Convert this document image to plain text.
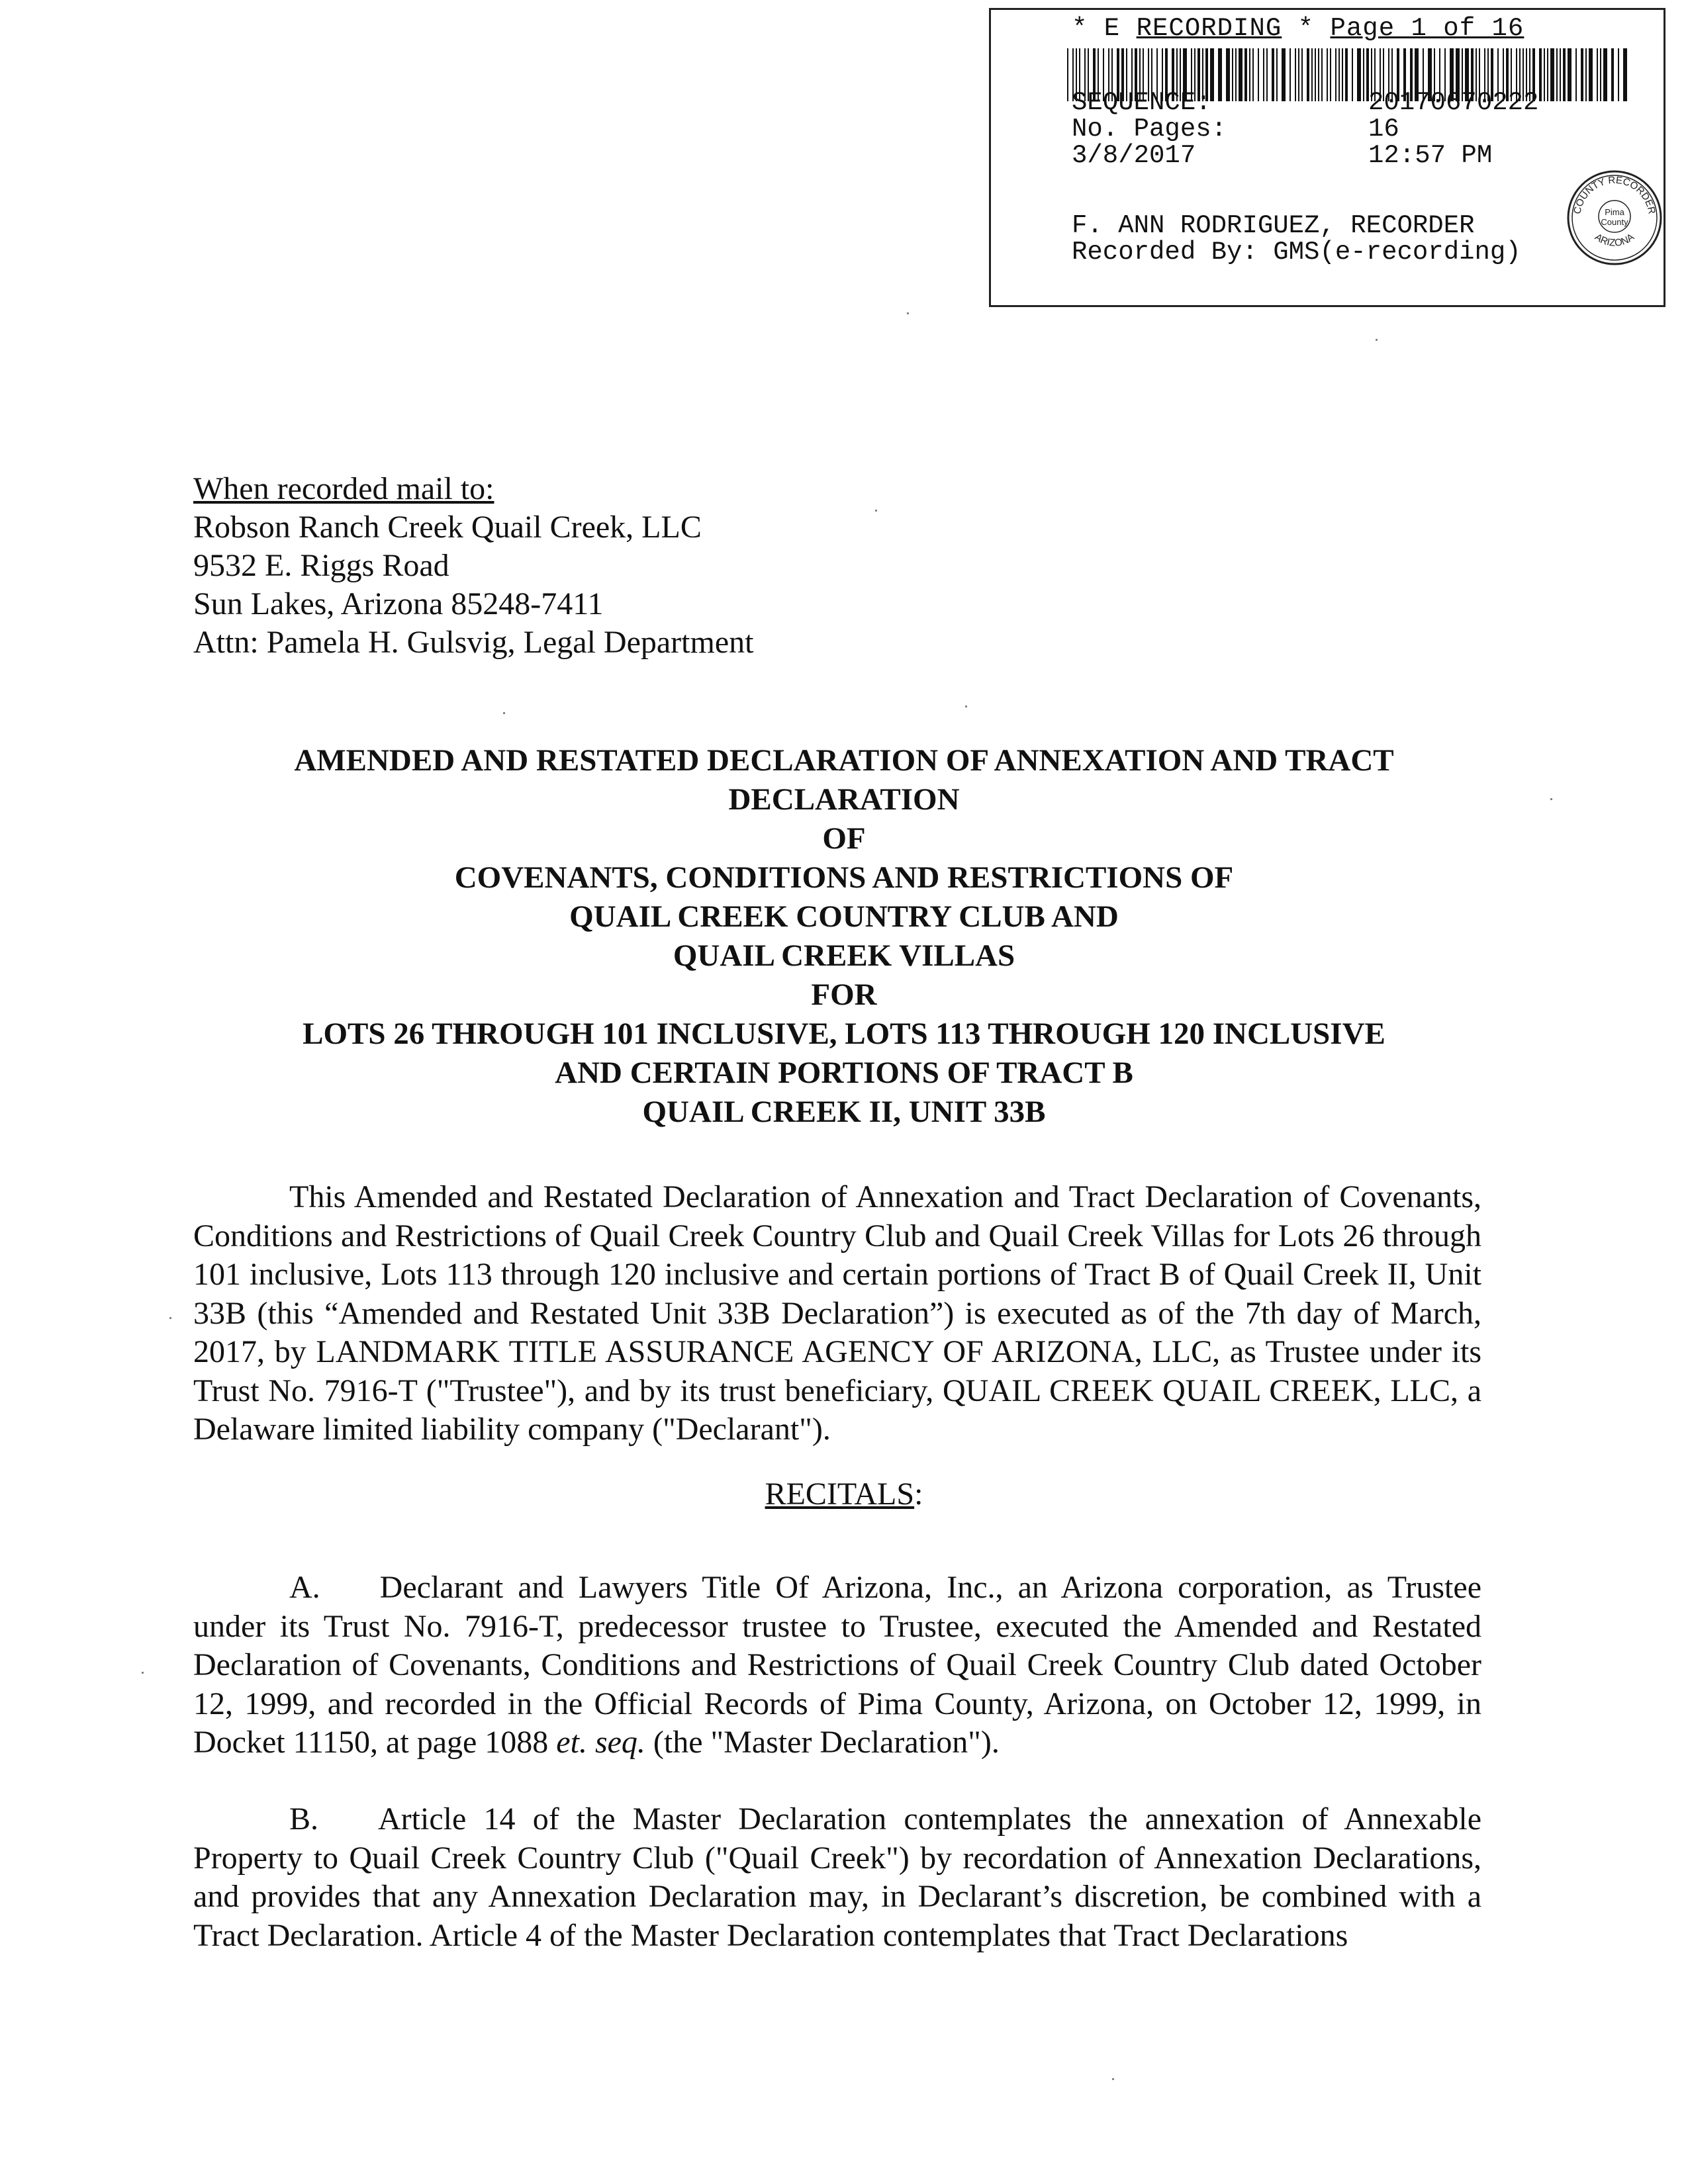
* E RECORDING * Page 1 of 16
SEQUENCE:	20170670222
No. Pages:	16
3/8/2017	12:57 PM
F. ANN RODRIGUEZ, RECORDER
Recorded By: GMS(e-recording)
COUNTY RECORDER
ARIZONA
Pima
County
When recorded mail to:
Robson Ranch Creek Quail Creek, LLC
9532 E. Riggs Road
Sun Lakes, Arizona 85248-7411
Attn: Pamela H. Gulsvig, Legal Department
AMENDED AND RESTATED DECLARATION OF ANNEXATION AND TRACT
DECLARATION
OF
COVENANTS, CONDITIONS AND RESTRICTIONS OF
QUAIL CREEK COUNTRY CLUB AND
QUAIL CREEK VILLAS
FOR
LOTS 26 THROUGH 101 INCLUSIVE, LOTS 113 THROUGH 120 INCLUSIVE
AND CERTAIN PORTIONS OF TRACT B
QUAIL CREEK II, UNIT 33B
This Amended and Restated Declaration of Annexation and Tract Declaration of Covenants, Conditions and Restrictions of Quail Creek Country Club and Quail Creek Villas for Lots 26 through 101 inclusive, Lots 113 through 120 inclusive and certain portions of Tract B of Quail Creek II, Unit 33B (this “Amended and Restated Unit 33B Declaration”) is executed as of the 7th day of March, 2017, by LANDMARK TITLE ASSURANCE AGENCY OF ARIZONA, LLC, as Trustee under its Trust No. 7916-T ("Trustee"), and by its trust beneficiary, QUAIL CREEK QUAIL CREEK, LLC, a Delaware limited liability company ("Declarant").
RECITALS:
A. Declarant and Lawyers Title Of Arizona, Inc., an Arizona corporation, as Trustee under its Trust No. 7916-T, predecessor trustee to Trustee, executed the Amended and Restated Declaration of Covenants, Conditions and Restrictions of Quail Creek Country Club dated October 12, 1999, and recorded in the Official Records of Pima County, Arizona, on October 12, 1999, in Docket 11150, at page 1088 et. seq. (the "Master Declaration").
B. Article 14 of the Master Declaration contemplates the annexation of Annexable Property to Quail Creek Country Club ("Quail Creek") by recordation of Annexation Declarations, and provides that any Annexation Declaration may, in Declarant’s discretion, be combined with a Tract Declaration. Article 4 of the Master Declaration contemplates that Tract Declarations
